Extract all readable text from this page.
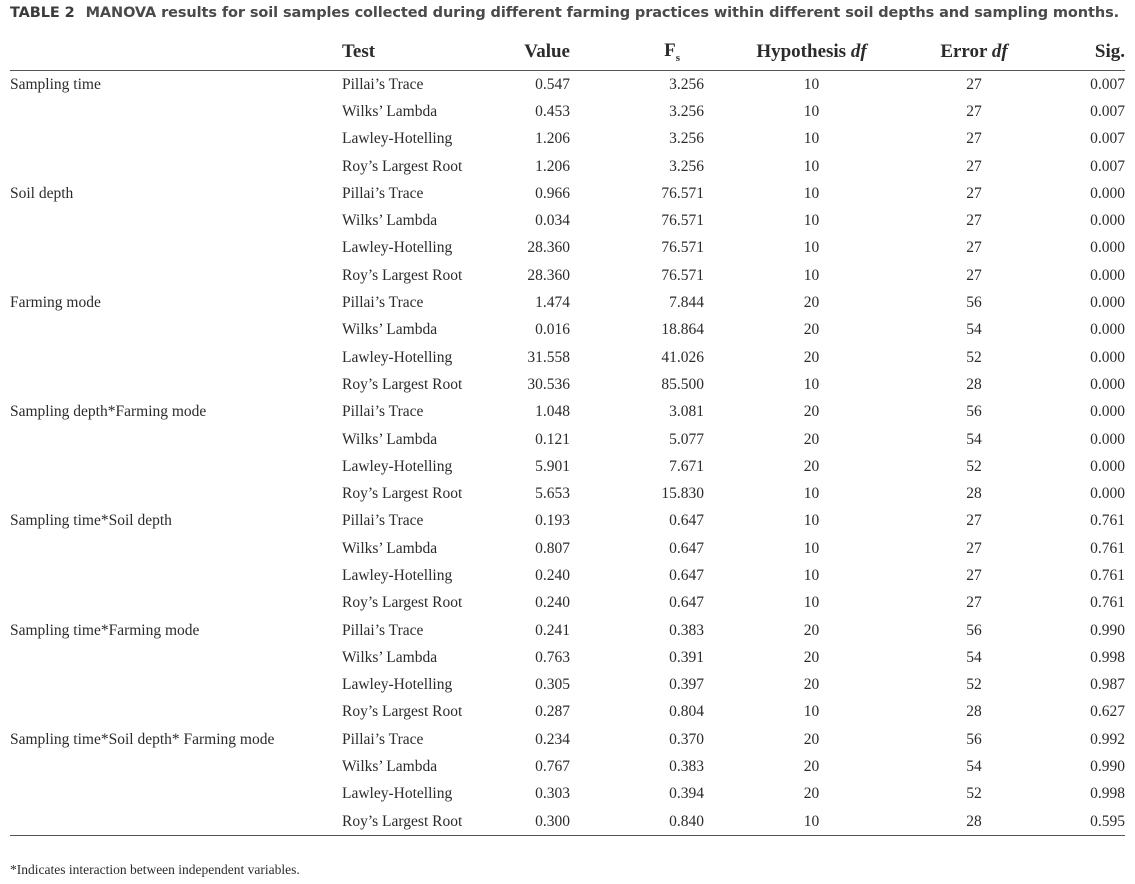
TABLE 2 MANOVA results for soil samples collected during different farming practices within different soil depths and sampling months.
	Test	Value	$F_s$	Hypothesis df	Error df	Sig.
Sampling time	Pillai’s Trace	0.547	3.256	10	27	0.007
	Wilks’ Lambda	0.453	3.256	10	27	0.007
	Lawley-Hotelling	1.206	3.256	10	27	0.007
	Roy’s Largest Root	1.206	3.256	10	27	0.007
Soil depth	Pillai’s Trace	0.966	76.571	10	27	0.000
	Wilks’ Lambda	0.034	76.571	10	27	0.000
	Lawley-Hotelling	28.360	76.571	10	27	0.000
	Roy’s Largest Root	28.360	76.571	10	27	0.000
Farming mode	Pillai’s Trace	1.474	7.844	20	56	0.000
	Wilks’ Lambda	0.016	18.864	20	54	0.000
	Lawley-Hotelling	31.558	41.026	20	52	0.000
	Roy’s Largest Root	30.536	85.500	10	28	0.000
Sampling depth*Farming mode	Pillai’s Trace	1.048	3.081	20	56	0.000
	Wilks’ Lambda	0.121	5.077	20	54	0.000
	Lawley-Hotelling	5.901	7.671	20	52	0.000
	Roy’s Largest Root	5.653	15.830	10	28	0.000
Sampling time*Soil depth	Pillai’s Trace	0.193	0.647	10	27	0.761
	Wilks’ Lambda	0.807	0.647	10	27	0.761
	Lawley-Hotelling	0.240	0.647	10	27	0.761
	Roy’s Largest Root	0.240	0.647	10	27	0.761
Sampling time*Farming mode	Pillai’s Trace	0.241	0.383	20	56	0.990
	Wilks’ Lambda	0.763	0.391	20	54	0.998
	Lawley-Hotelling	0.305	0.397	20	52	0.987
	Roy’s Largest Root	0.287	0.804	10	28	0.627
Sampling time*Soil depth* Farming mode	Pillai’s Trace	0.234	0.370	20	56	0.992
	Wilks’ Lambda	0.767	0.383	20	54	0.990
	Lawley-Hotelling	0.303	0.394	20	52	0.998
	Roy’s Largest Root	0.300	0.840	10	28	0.595
*Indicates interaction between independent variables.
